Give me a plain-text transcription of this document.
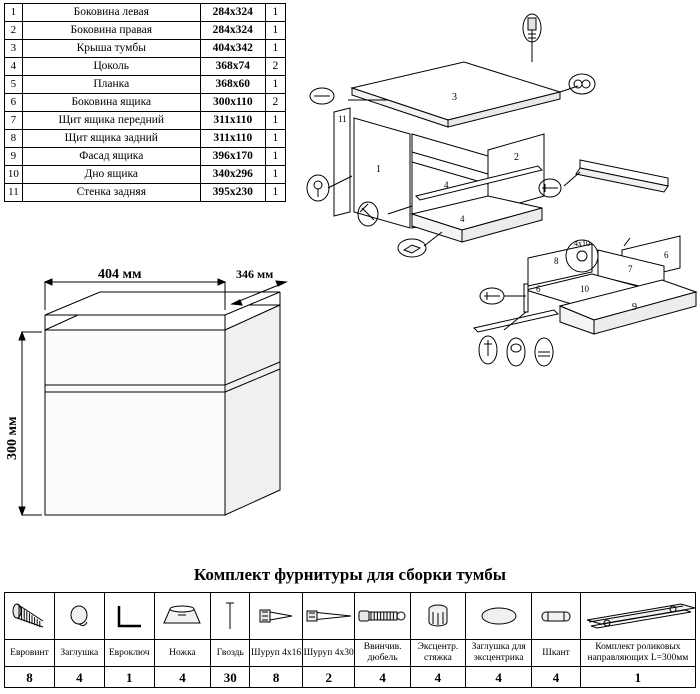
1	Боковина левая	284х324	1
2	Боковина правая	284х324	1
3	Крыша тумбы	404х342	1
4	Цоколь	368х74	2
5	Планка	368х60	1
6	Боковина ящика	300х110	2
7	Щит ящика передний	311х110	1
8	Щит ящика задний	311х110	1
9	Фасад ящика	396х170	1
10	Дно ящика	340х296	1
11	Стенка задняя	395х230	1
3
11
1
2
4
4
8
6
7
10
6
9
4х10
404 мм	346 мм
300 мм
Комплект фурнитуры для сборки тумбы

Евровинт	Заглушка	Евроключ	Ножка	Гвоздь	Шуруп 4х16	Шуруп 4х30	Ввинчив. дюбель	Эксцентр. стяжка	Заглушка для эксцентрика	Шкант	Комплект роликовых направляющих L=300мм
8	4	1	4	30	8	2	4	4	4	4	1
